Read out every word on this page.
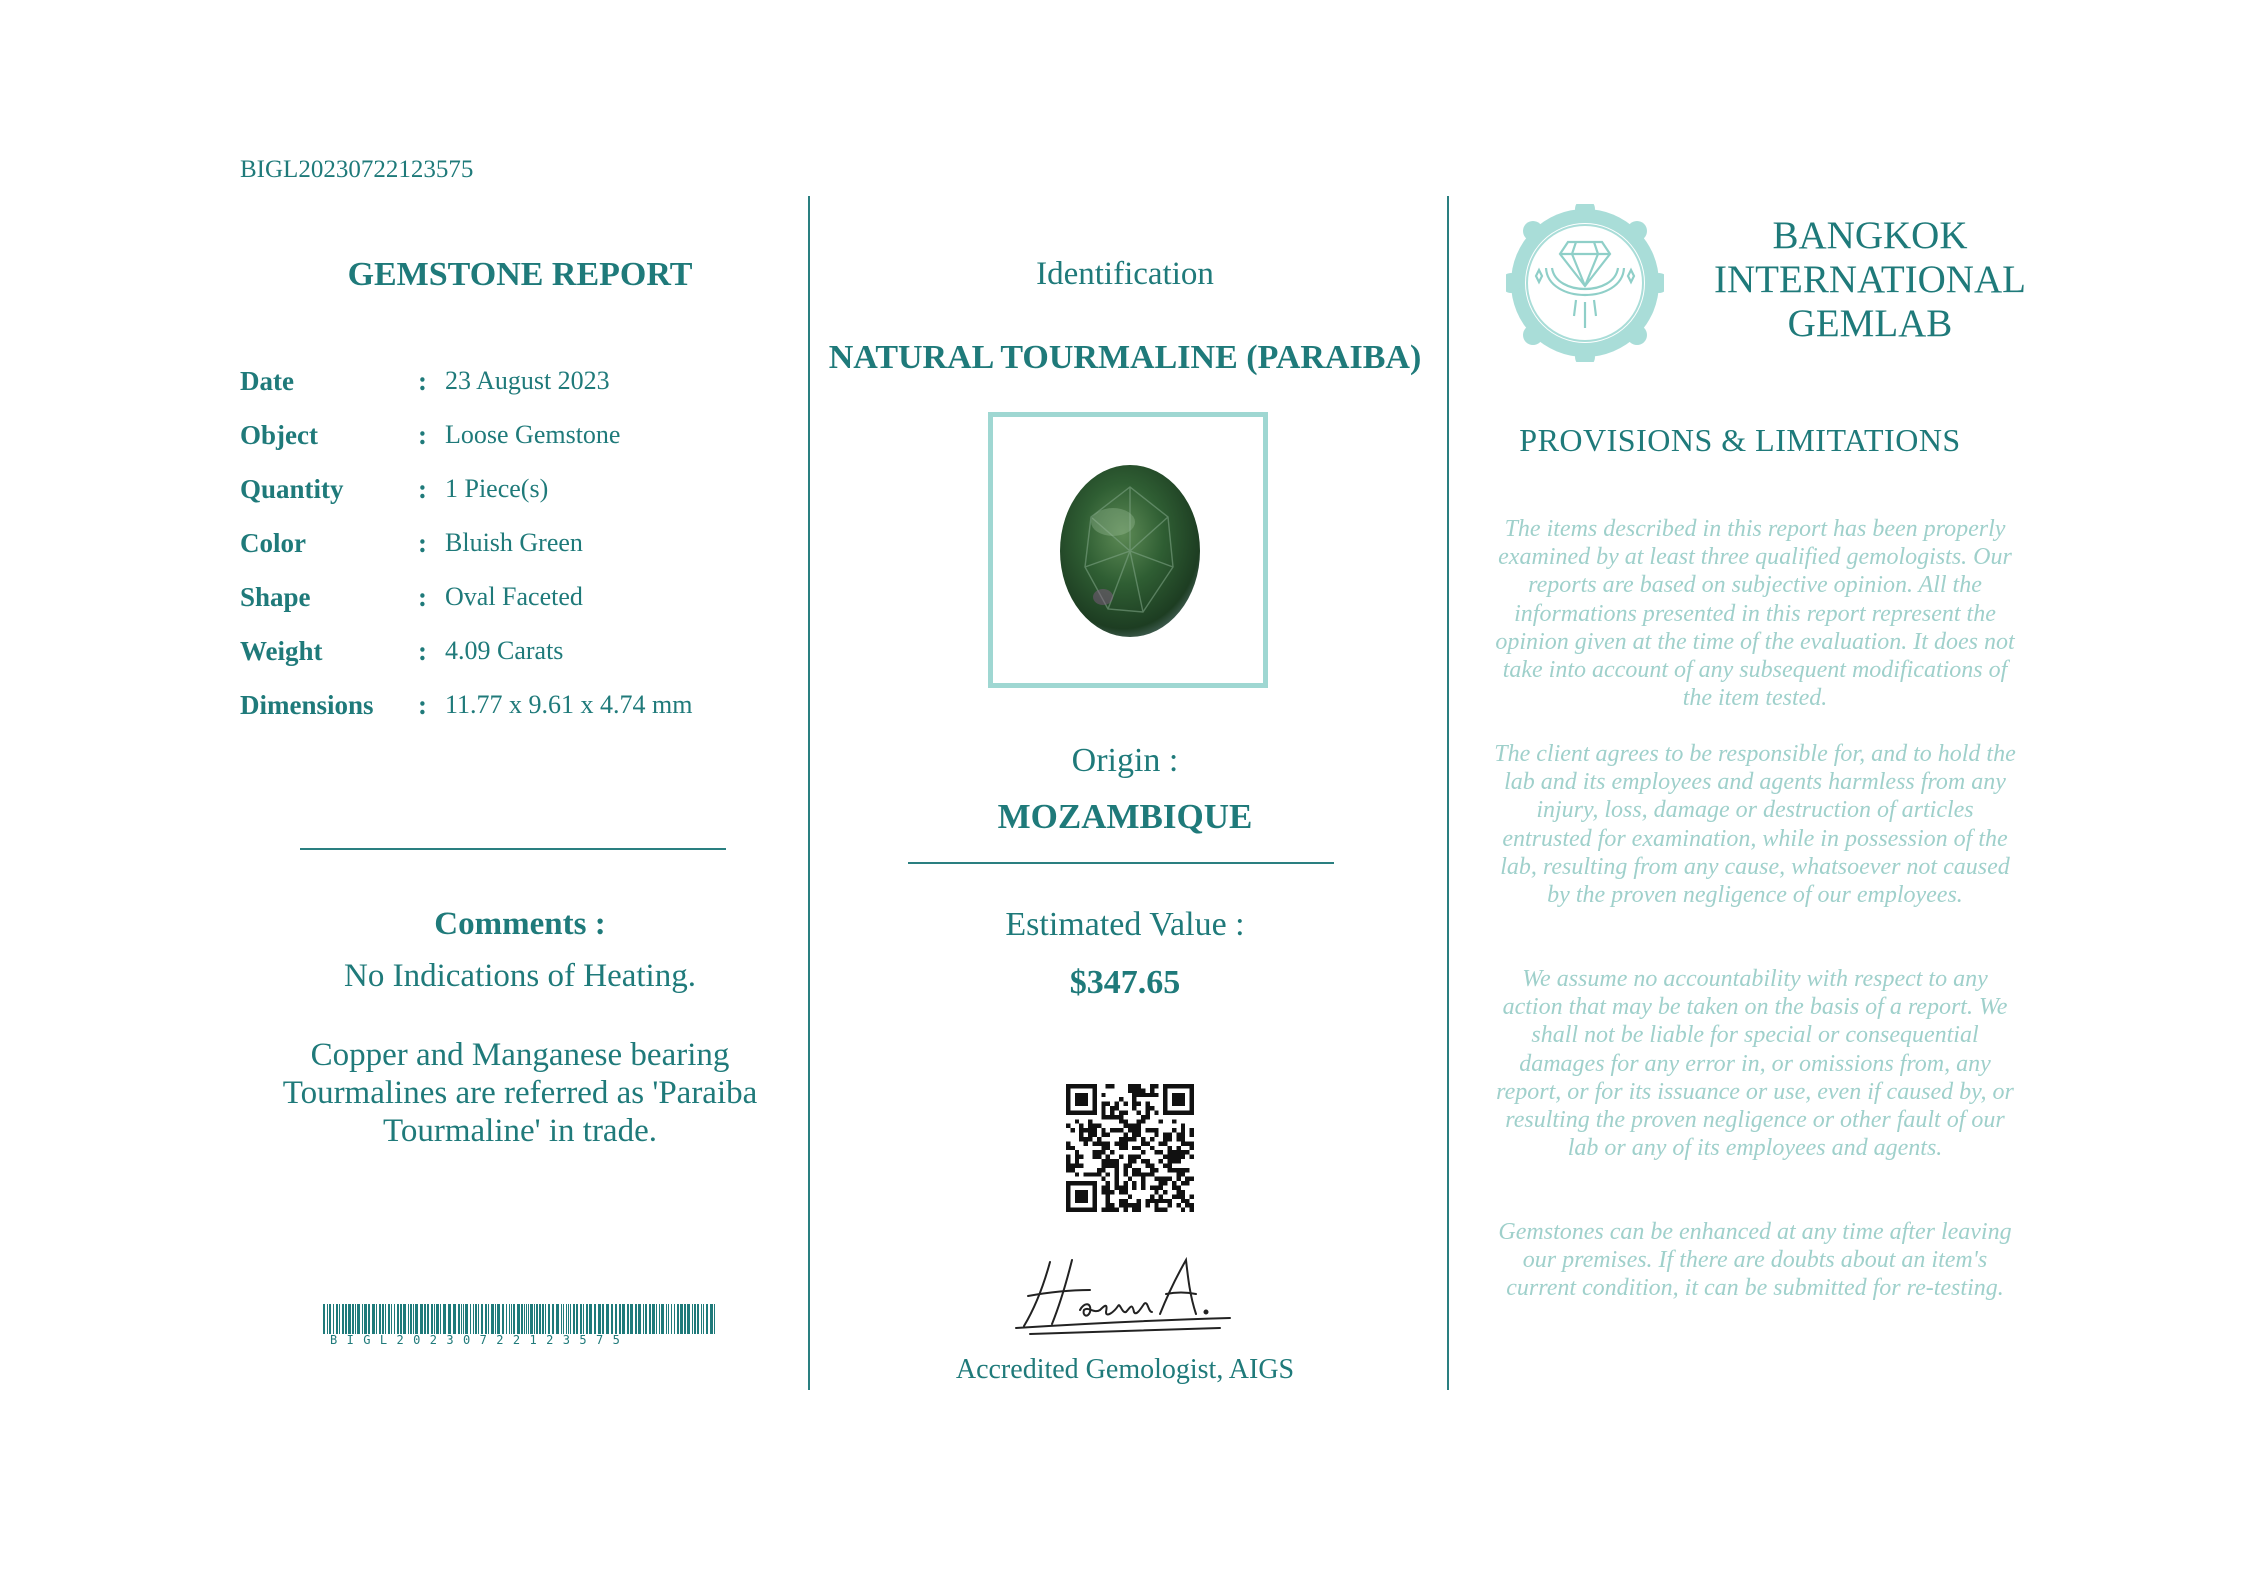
BIGL20230722123575
GEMSTONE REPORT
Date	: 23 August 2023
Object	: Loose Gemstone
Quantity	: 1 Piece(s)
Color	: Bluish Green
Shape	: Oval Faceted
Weight	: 4.09 Carats
Dimensions : 11.77 x 9.61 x 4.74 mm
Comments :
No Indications of Heating.
Copper and Manganese bearing Tourmalines are referred as 'Paraiba Tourmaline' in trade.
BIGL20230722123575
Identification
NATURAL TOURMALINE (PARAIBA)
Origin :
MOZAMBIQUE
Estimated Value :
$347.65
Accredited Gemologist, AIGS
BANGKOK
INTERNATIONAL
GEMLAB
PROVISIONS & LIMITATIONS
The items described in this report has been properly examined by at least three qualified gemologists. Our reports are based on subjective opinion. All the informations presented in this report represent the opinion given at the time of the evaluation. It does not take into account of any subsequent modifications of the item tested.
The client agrees to be responsible for, and to hold the lab and its employees and agents harmless from any injury, loss, damage or destruction of articles entrusted for examination, while in possession of the lab, resulting from any cause, whatsoever not caused by the proven negligence of our employees.
We assume no accountability with respect to any action that may be taken on the basis of a report. We shall not be liable for special or consequential damages for any error in, or omissions from, any report, or for its issuance or use, even if caused by, or resulting the proven negligence or other fault of our lab or any of its employees and agents.
Gemstones can be enhanced at any time after leaving our premises. If there are doubts about an item's current condition, it can be submitted for re-testing.
